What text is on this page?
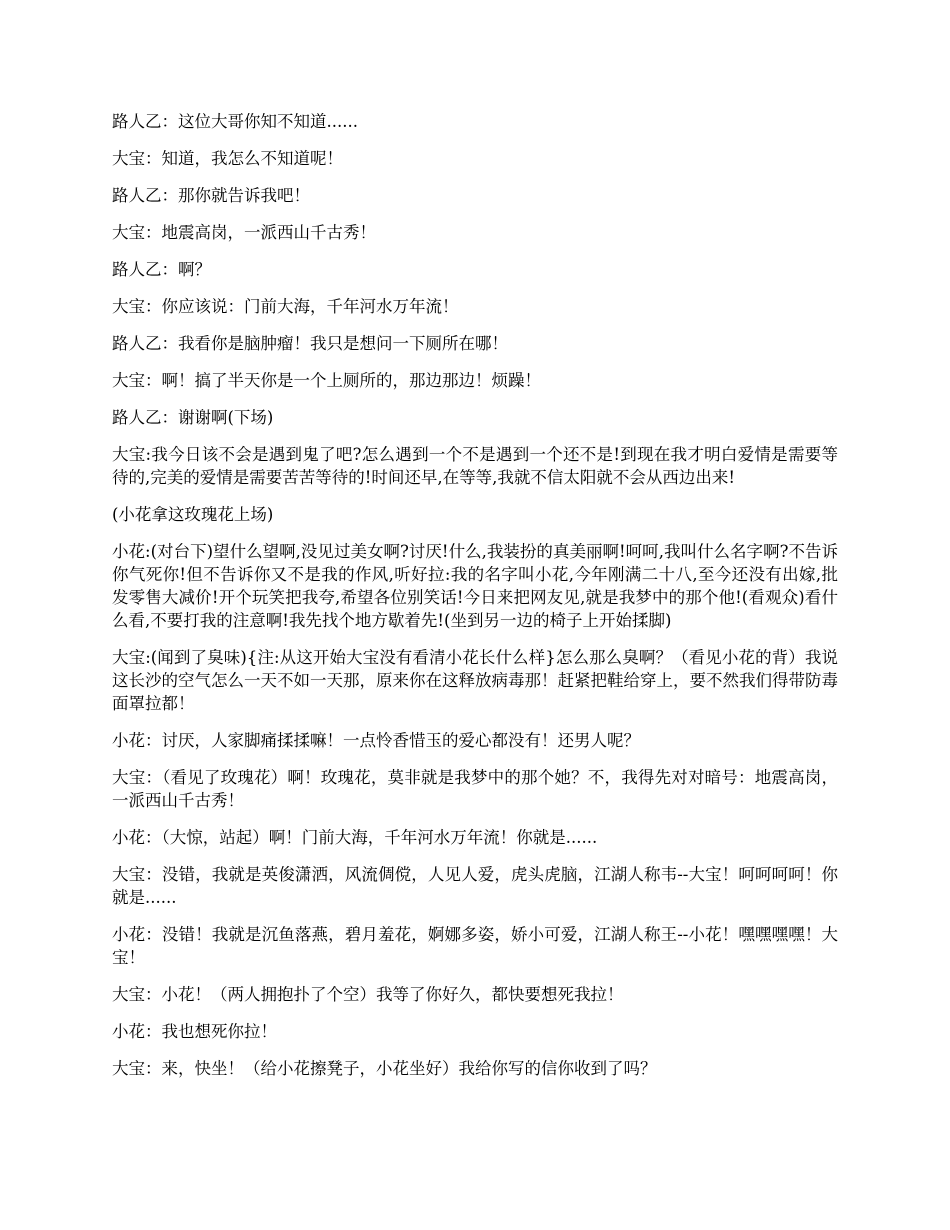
路人乙：这位大哥你知不知道......

大宝：知道，我怎么不知道呢！

路人乙：那你就告诉我吧！

大宝：地震高岗，一派西山千古秀！

路人乙：啊？

大宝：你应该说：门前大海，千年河水万年流！

路人乙：我看你是脑肿瘤！我只是想问一下厕所在哪！

大宝：啊！搞了半天你是一个上厕所的，那边那边！烦躁！

路人乙：谢谢啊(下场)

大宝:我今日该不会是遇到鬼了吧?怎么遇到一个不是遇到一个还不是!到现在我才明白爱情是需要等待的,完美的爱情是需要苦苦等待的!时间还早,在等等,我就不信太阳就不会从西边出来!

(小花拿这玫瑰花上场)

小花:(对台下)望什么望啊,没见过美女啊?讨厌!什么,我装扮的真美丽啊!呵呵,我叫什么名字啊?不告诉你气死你!但不告诉你又不是我的作风,听好拉:我的名字叫小花,今年刚满二十八,至今还没有出嫁,批发零售大减价!开个玩笑把我夸,希望各位别笑话!今日来把网友见,就是我梦中的那个他!(看观众)看什么看,不要打我的注意啊!我先找个地方歇着先!(坐到另一边的椅子上开始揉脚)

大宝:(闻到了臭味){注:从这开始大宝没有看清小花长什么样}怎么那么臭啊？（看见小花的背）我说这长沙的空气怎么一天不如一天那，原来你在这释放病毒那！赶紧把鞋给穿上，要不然我们得带防毒面罩拉都！

小花：讨厌，人家脚痛揉揉嘛！一点怜香惜玉的爱心都没有！还男人呢？

大宝：（看见了玫瑰花）啊！玫瑰花，莫非就是我梦中的那个她？不，我得先对对暗号：地震高岗，一派西山千古秀！

小花：（大惊，站起）啊！门前大海，千年河水万年流！你就是......

大宝：没错，我就是英俊潇洒，风流倜傥，人见人爱，虎头虎脑，江湖人称韦--大宝！呵呵呵呵！你就是......

小花：没错！我就是沉鱼落燕，碧月羞花，婀娜多姿，娇小可爱，江湖人称王--小花！嘿嘿嘿嘿！大宝！

大宝：小花！（两人拥抱扑了个空）我等了你好久，都快要想死我拉！

小花：我也想死你拉！

大宝：来，快坐！（给小花擦凳子，小花坐好）我给你写的信你收到了吗？
